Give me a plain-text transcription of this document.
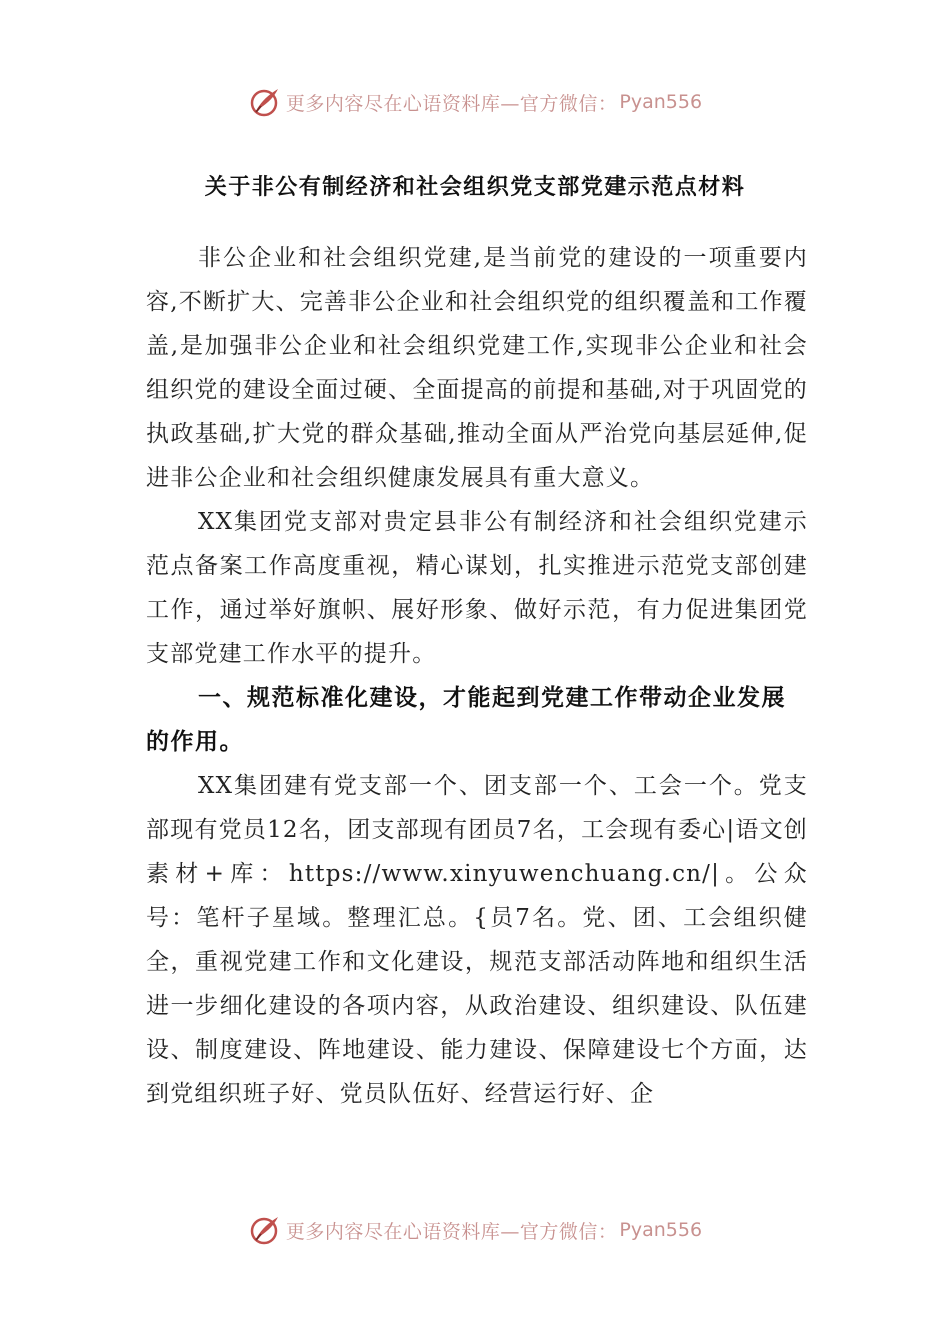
更多内容尽在心语资料库—官方微信： Pyan556
关于非公有制经济和社会组织党支部党建示范点材料

非公企业和社会组织党建,是当前党的建设的一项重要内容,不断扩大、完善非公企业和社会组织党的组织覆盖和工作覆盖,是加强非公企业和社会组织党建工作,实现非公企业和社会组织党的建设全面过硬、全面提高的前提和基础,对于巩固党的执政基础,扩大党的群众基础,推动全面从严治党向基层延伸,促进非公企业和社会组织健康发展具有重大意义。

XX集团党支部对贵定县非公有制经济和社会组织党建示范点备案工作高度重视，精心谋划，扎实推进示范党支部创建工作，通过举好旗帜、展好形象、做好示范，有力促进集团党支部党建工作水平的提升。

一、规范标准化建设，才能起到党建工作带动企业发展的作用。

XX集团建有党支部一个、团支部一个、工会一个。党支部现有党员12名，团支部现有团员7名，工会现有委心|语文创素材+库：https://www.xinyuwenchuang.cn/|。公众号：笔杆子星域。整理汇总。{员7名。党、团、工会组织健全，重视党建工作和文化建设，规范支部活动阵地和组织生活进一步细化建设的各项内容，从政治建设、组织建设、队伍建设、制度建设、阵地建设、能力建设、保障建设七个方面，达到党组织班子好、党员队伍好、经营运行好、企

更多内容尽在心语资料库—官方微信： Pyan556
